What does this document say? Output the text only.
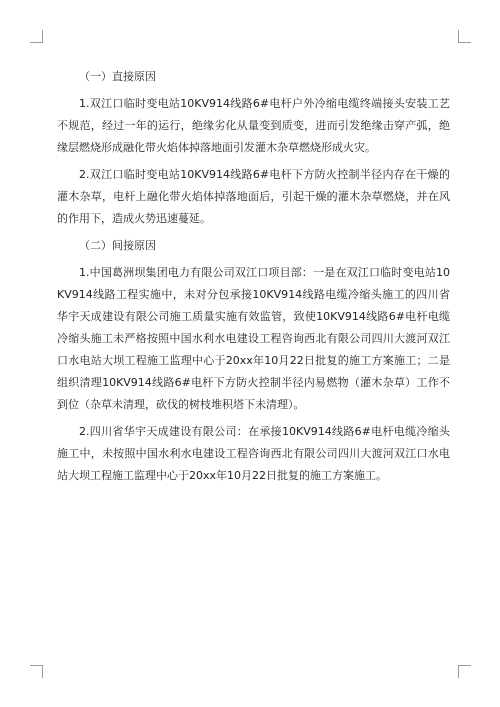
（一）直接原因

1.双江口临时变电站10KV914线路6#电杆户外冷缩电缆终端接头安装工艺不规范，经过一年的运行，绝缘劣化从量变到质变，进而引发绝缘击穿产弧，绝缘层燃烧形成融化带火焰体掉落地面引发灌木杂草燃烧形成火灾。

2.双江口临时变电站10KV914线路6#电杆下方防火控制半径内存在干燥的灌木杂草，电杆上融化带火焰体掉落地面后，引起干燥的灌木杂草燃烧，并在风的作用下，造成火势迅速蔓延。

（二）间接原因

1.中国葛洲坝集团电力有限公司双江口项目部：一是在双江口临时变电站10KV914线路工程实施中，未对分包承接10KV914线路电缆冷缩头施工的四川省华宇天成建设有限公司施工质量实施有效监管，致使10KV914线路6#电杆电缆冷缩头施工未严格按照中国水利水电建设工程咨询西北有限公司四川大渡河双江口水电站大坝工程施工监理中心于20xx年10月22日批复的施工方案施工；二是组织清理10KV914线路6#电杆下方防火控制半径内易燃物（灌木杂草）工作不到位（杂草未清理，砍伐的树枝堆积塔下未清理）。

2.四川省华宇天成建设有限公司：在承接10KV914线路6#电杆电缆冷缩头施工中，未按照中国水利水电建设工程咨询西北有限公司四川大渡河双江口水电站大坝工程施工监理中心于20xx年10月22日批复的施工方案施工。
